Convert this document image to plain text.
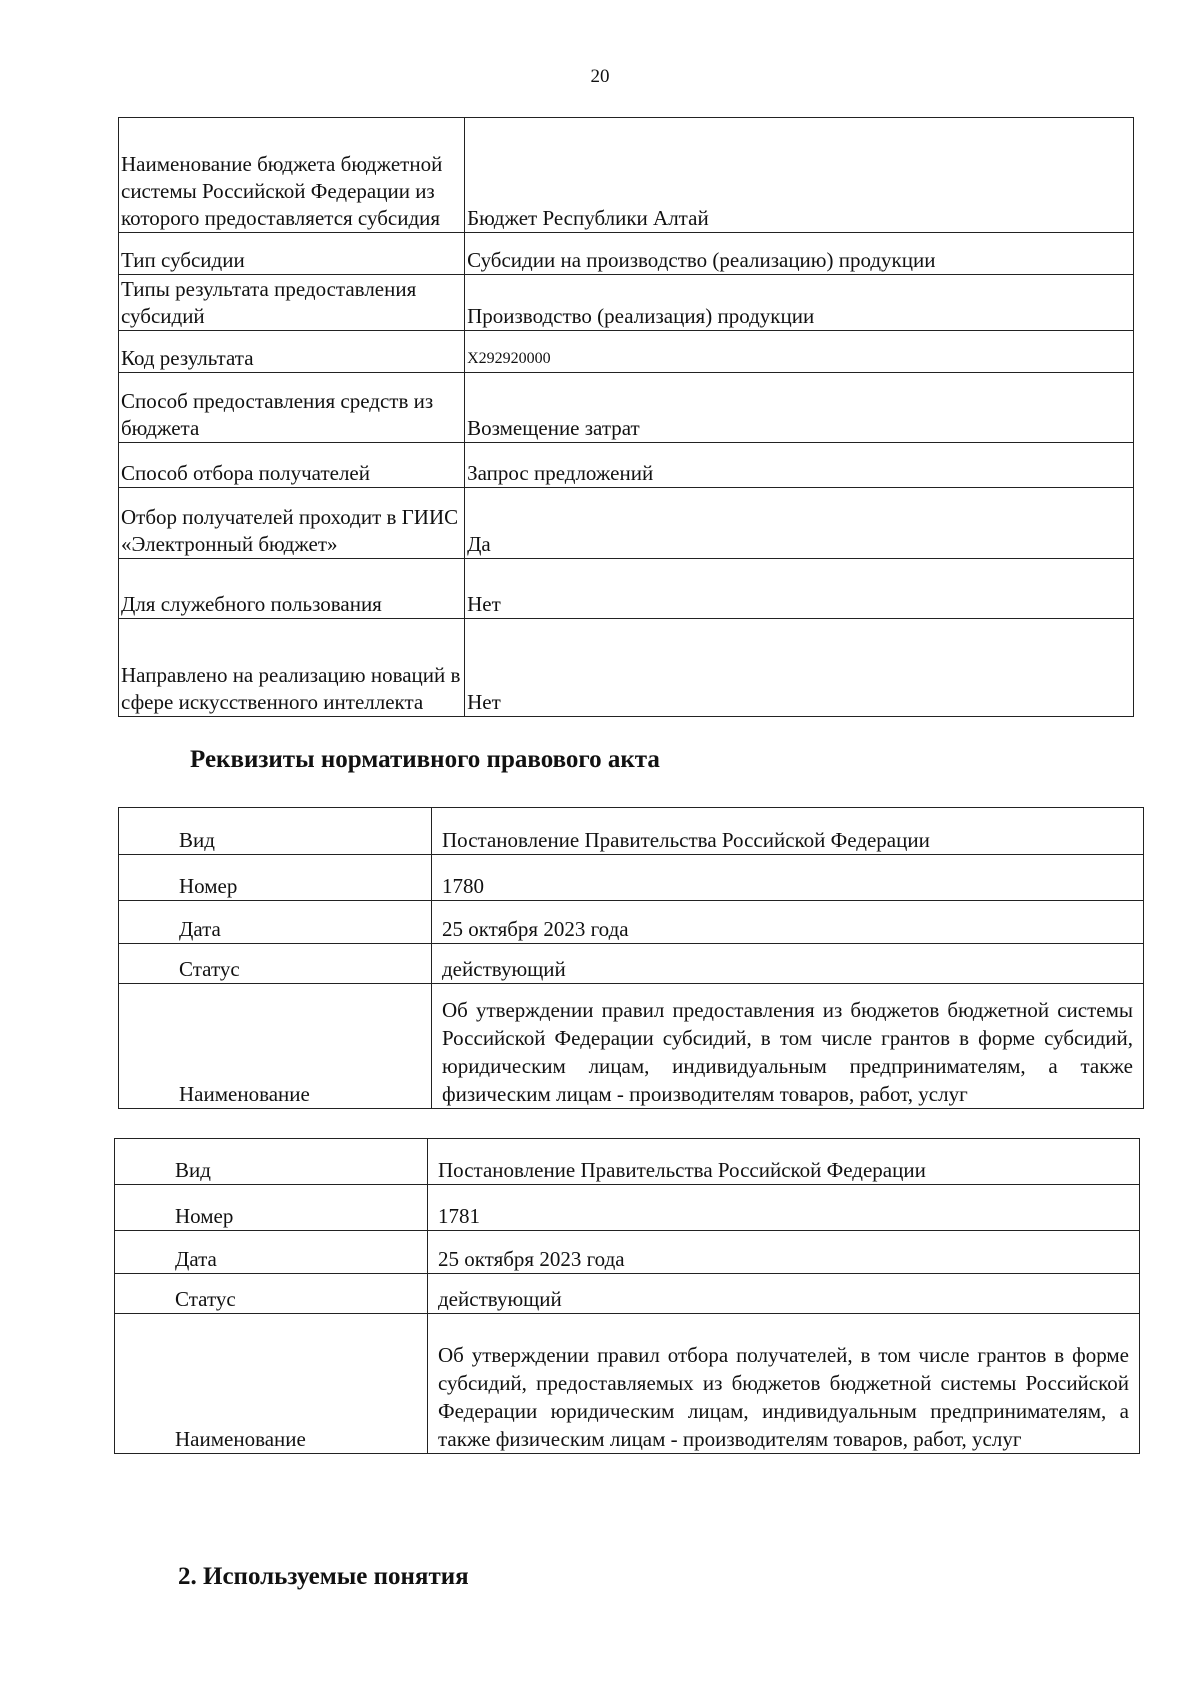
20
Наименование бюджета бюджетной системы Российской Федерации из которого предоставляется субсидия	Бюджет Республики Алтай
Тип субсидии	Субсидии на производство (реализацию) продукции
Типы результата предоставления субсидий	Производство (реализация) продукции
Код результата	X292920000
Способ предоставления средств из бюджета	Возмещение затрат
Способ отбора получателей	Запрос предложений
Отбор получателей проходит в ГИИС «Электронный бюджет»	Да
Для служебного пользования	Нет
Направлено на реализацию новаций в сфере искусственного интеллекта	Нет
Реквизиты нормативного правового акта
Вид	Постановление Правительства Российской Федерации
Номер	1780
Дата	25 октября 2023 года
Статус	действующий
Наименование	Об утверждении правил предоставления из бюджетов бюджетной системы Российской Федерации субсидий, в том числе грантов в форме субсидий, юридическим лицам, индивидуальным предпринимателям, а также физическим лицам - производителям товаров, работ, услуг
Вид	Постановление Правительства Российской Федерации
Номер	1781
Дата	25 октября 2023 года
Статус	действующий
Наименование	Об утверждении правил отбора получателей, в том числе грантов в форме субсидий, предоставляемых из бюджетов бюджетной системы Российской Федерации юридическим лицам, индивидуальным предпринимателям, а также физическим лицам - производителям товаров, работ, услуг
2. Используемые понятия
